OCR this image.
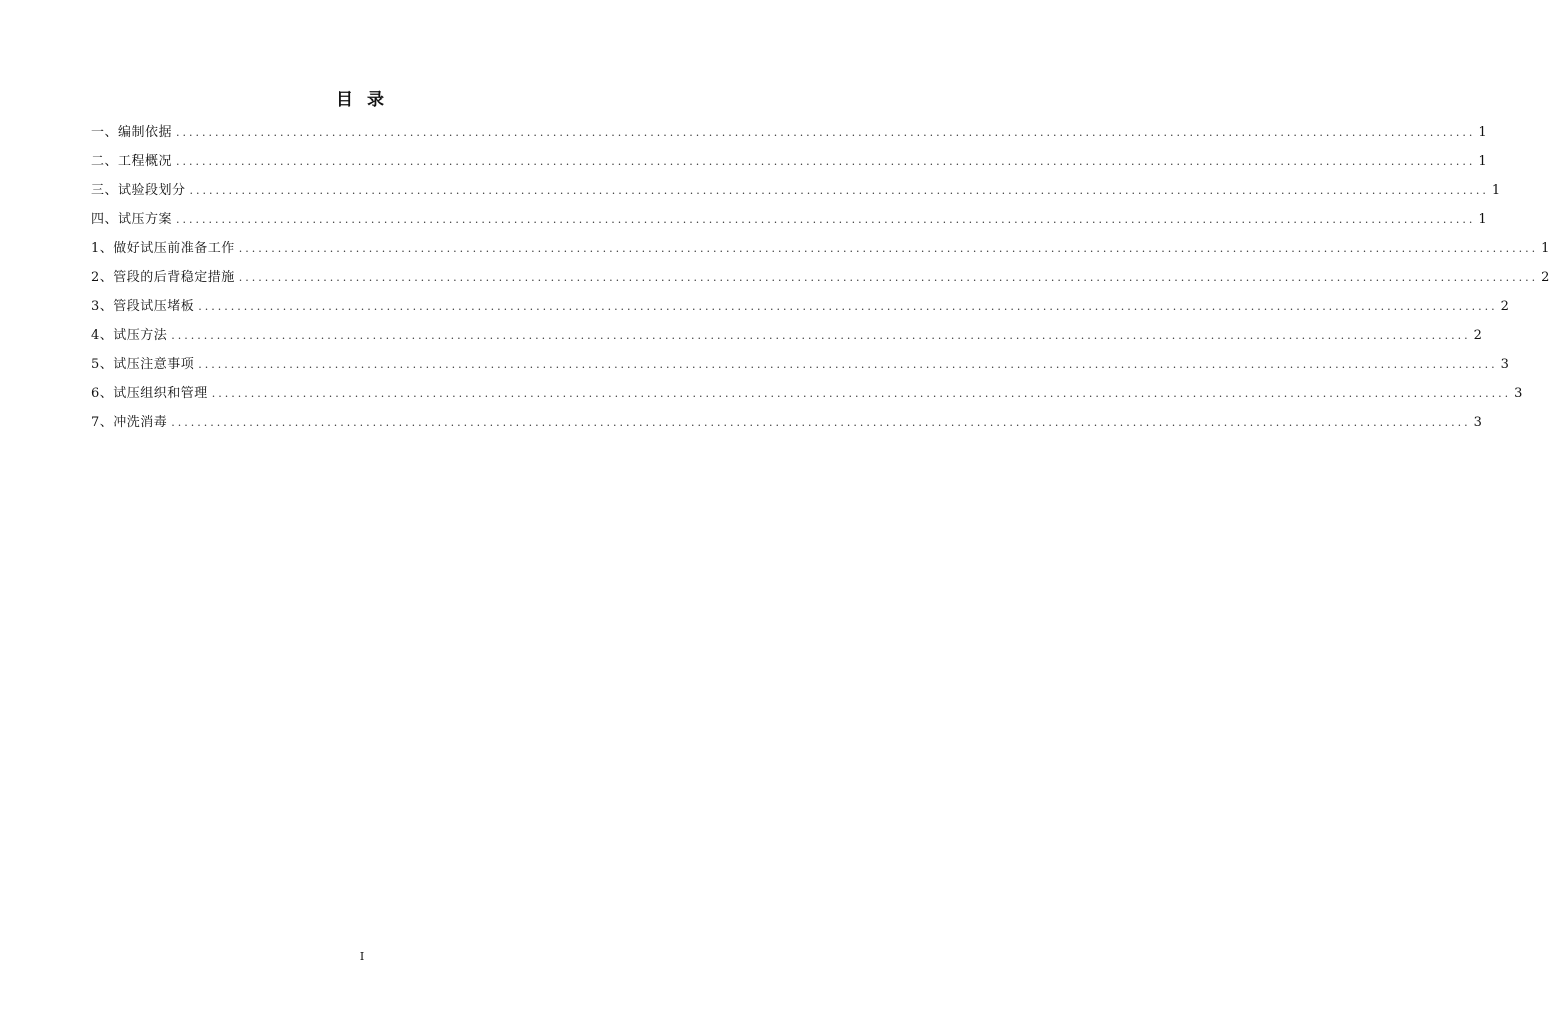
目 录
一、编制依据 ........................................................................................................................................................................................................ 1
二、工程概况 ........................................................................................................................................................................................................ 1
三、试验段划分 ........................................................................................................................................................................................................ 1
四、试压方案 ........................................................................................................................................................................................................ 1
1、做好试压前准备工作 ........................................................................................................................................................................................................ 1
2、管段的后背稳定措施 ........................................................................................................................................................................................................ 2
3、管段试压堵板 ........................................................................................................................................................................................................ 2
4、试压方法 ........................................................................................................................................................................................................ 2
5、试压注意事项 ........................................................................................................................................................................................................ 3
6、试压组织和管理 ........................................................................................................................................................................................................ 3
7、冲洗消毒 ........................................................................................................................................................................................................ 3
I
